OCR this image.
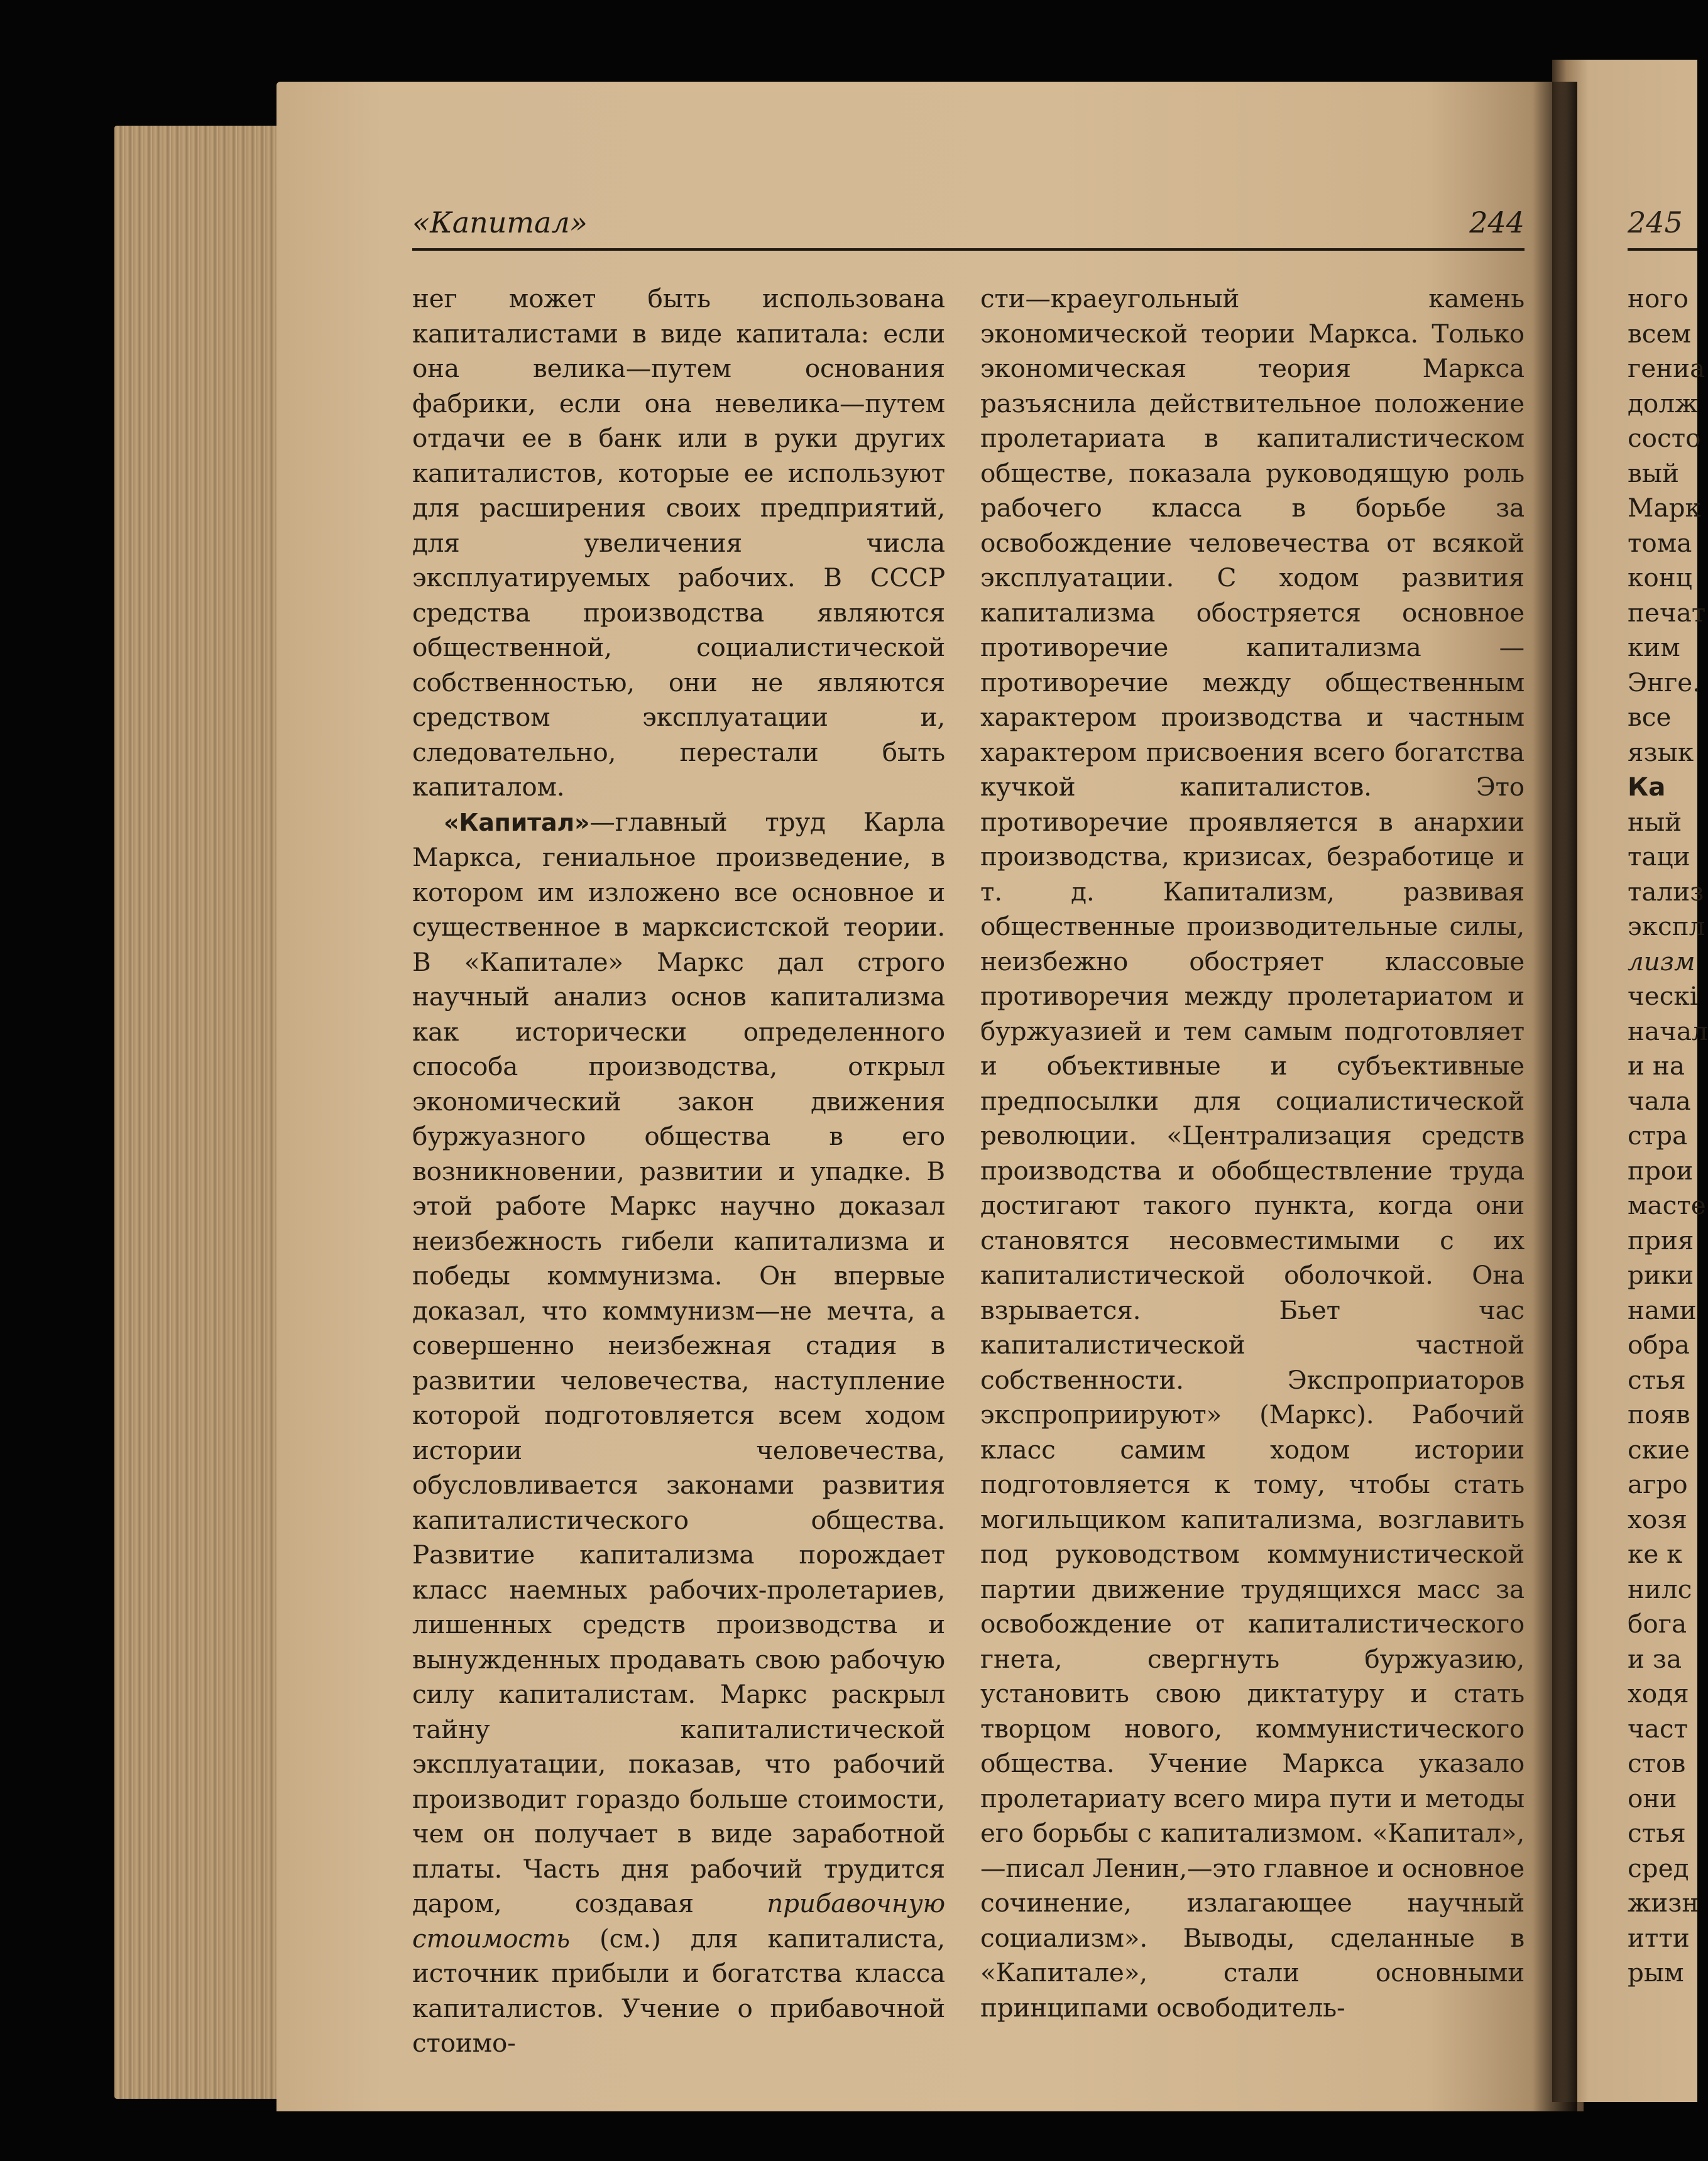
«Капитал»	244	245

нег может быть использована капиталистами в виде капитала: если она велика—путем основания фабрики, если она невелика—путем отдачи ее в банк или в руки других капиталистов, которые ее используют для расширения своих предприятий, для увеличения числа эксплуатируемых рабочих. В СССР средства производства являются общественной, социалистической собственностью, они не являются средством эксплуатации и, следовательно, перестали быть капиталом.

«Капитал»—главный труд Карла Маркса, гениальное произведение, в котором им изложено все основное и существенное в марксистской теории. В «Капитале» Маркс дал строго научный анализ основ капитализма как исторически определенного способа производства, открыл экономический закон движения буржуазного общества в его возникновении, развитии и упадке. В этой работе Маркс научно доказал неизбежность гибели капитализма и победы коммунизма. Он впервые доказал, что коммунизм—не мечта, а совершенно неизбежная стадия в развитии человечества, наступление которой подготовляется всем ходом истории человечества, обусловливается законами развития капиталистического общества. Развитие капитализма порождает класс наемных рабочих-пролетариев, лишенных средств производства и вынужденных продавать свою рабочую силу капиталистам. Маркс раскрыл тайну капиталистической эксплуатации, показав, что рабочий производит гораздо больше стоимости, чем он получает в виде заработной платы. Часть дня рабочий трудится даром, создавая прибавочную стоимость (см.) для капиталиста, источник прибыли и богатства класса капиталистов. Учение о прибавочной стоимо-

сти—краеугольный камень экономической теории Маркса. Только экономическая теория Маркса разъяснила действительное положение пролетариата в капиталистическом обществе, показала руководящую роль рабочего класса в борьбе за освобождение человечества от всякой эксплуатации. С ходом развития капитализма обостряется основное противоречие капитализма — противоречие между общественным характером производства и частным характером присвоения всего богатства кучкой капиталистов. Это противоречие проявляется в анархии производства, кризисах, безработице и т. д. Капитализм, развивая общественные производительные силы, неизбежно обостряет классовые противоречия между пролетариатом и буржуазией и тем самым подготовляет и объективные и субъективные предпосылки для социалистической революции. «Централизация средств производства и обобществление труда достигают такого пункта, когда они становятся несовместимыми с их капиталистической оболочкой. Она взрывается. Бьет час капиталистической частной собственности. Экспроприаторов экспроприируют» (Маркс). Рабочий класс самим ходом истории подготовляется к тому, чтобы стать могильщиком капитализма, возглавить под руководством коммунистической партии движение трудящихся масс за освобождение от капиталистического гнета, свергнуть буржуазию, установить свою диктатуру и стать творцом нового, коммунистического общества. Учение Маркса указало пролетариату всего мира пути и методы его борьбы с капитализмом. «Капитал»,—писал Ленин,—это главное и основное сочинение, излагающее научный социализм». Выводы, сделанные в «Капитале», стали основными принципами освободитель-

ного
всем
гениа
долж
состо
вый
Марк
тома
конц
печат
ким
Энге.
все
язык
Ка
ный
таци
тализ
экспл
лизм
ческі
начал
и на
чала
стра
прои
масте
прия
рики
нами
обра
стья
появ
ские
агро
хозя
ке к
нилс
бога
и за
ходя
част
стов
они
стья
сред
жизн
итти
рым
